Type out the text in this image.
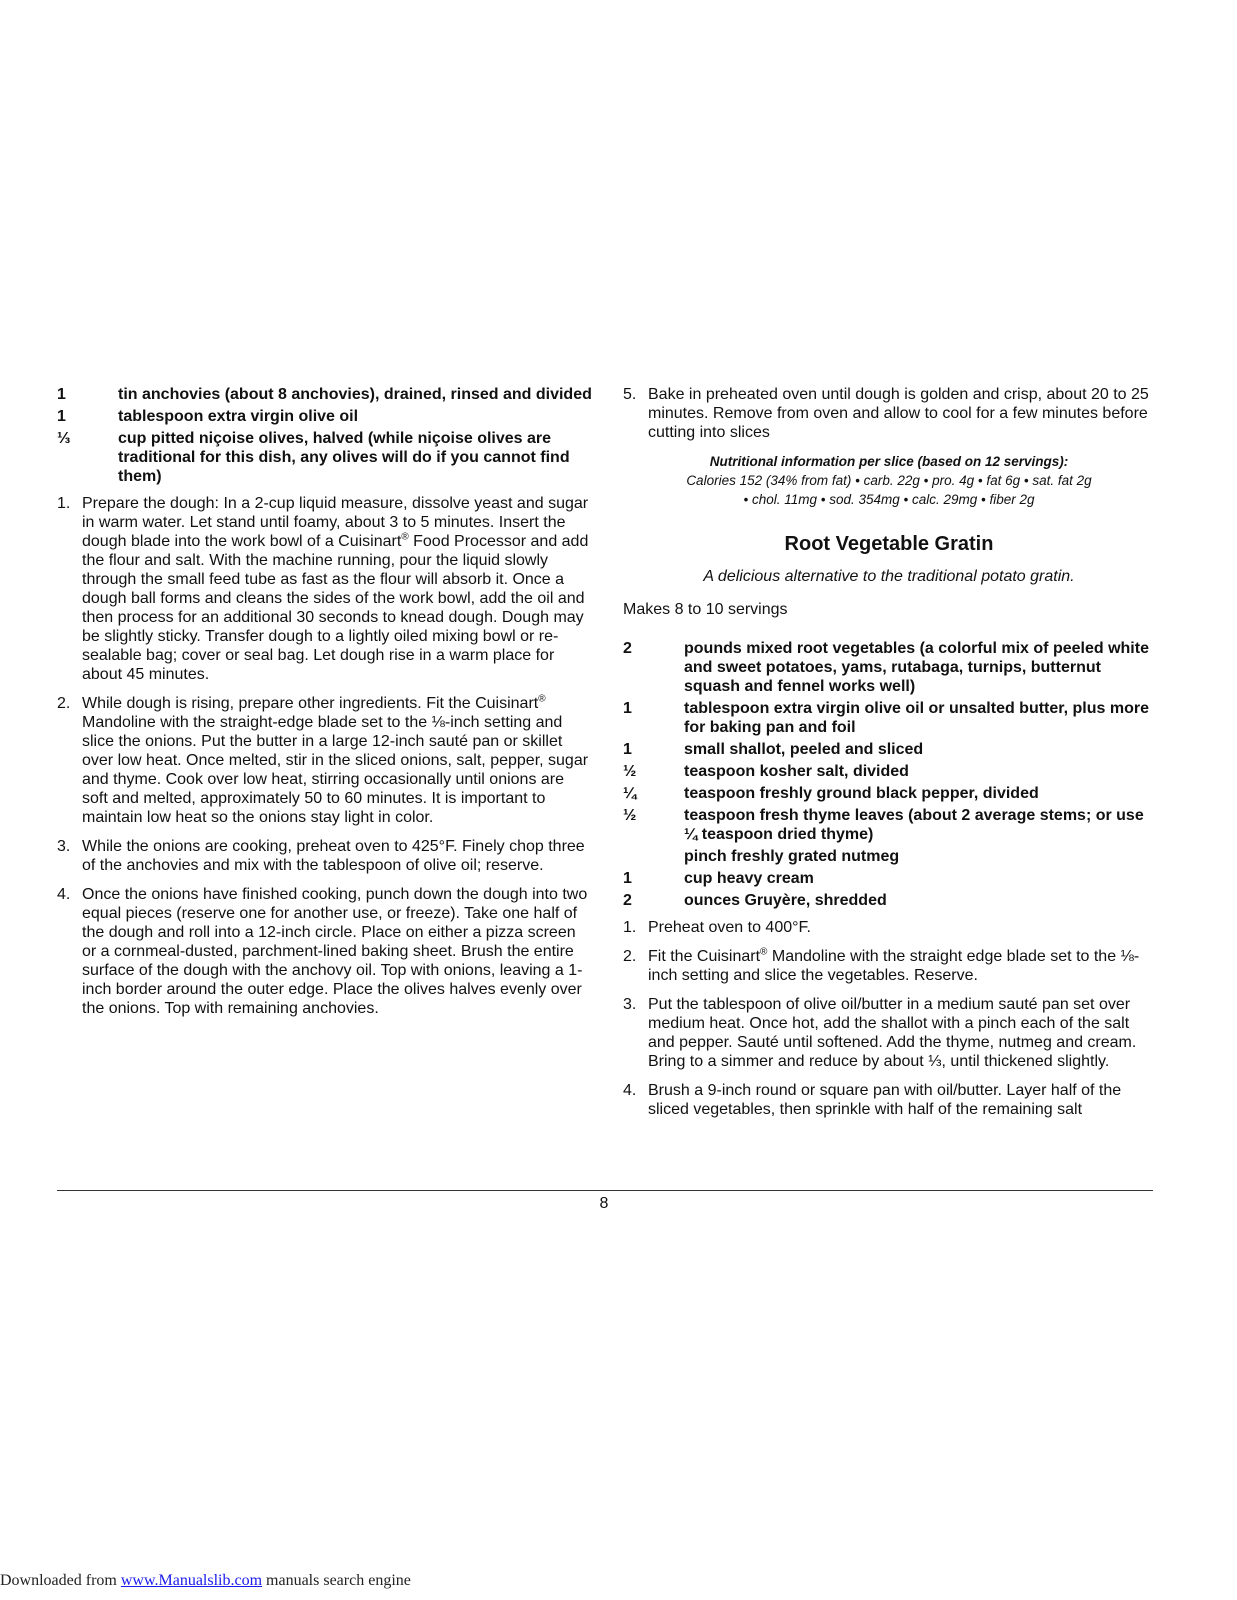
1	tin anchovies (about 8 anchovies), drained, rinsed and divided
1	tablespoon extra virgin olive oil
⅓	cup pitted niçoise olives, halved (while niçoise olives are traditional for this dish, any olives will do if you cannot find them)
1. Prepare the dough: In a 2-cup liquid measure, dissolve yeast and sugar in warm water. Let stand until foamy, about 3 to 5 minutes. Insert the dough blade into the work bowl of a Cuisinart® Food Processor and add the flour and salt. With the machine running, pour the liquid slowly through the small feed tube as fast as the flour will absorb it. Once a dough ball forms and cleans the sides of the work bowl, add the oil and then process for an additional 30 seconds to knead dough. Dough may be slightly sticky. Transfer dough to a lightly oiled mixing bowl or re-sealable bag; cover or seal bag. Let dough rise in a warm place for about 45 minutes.
2. While dough is rising, prepare other ingredients. Fit the Cuisinart® Mandoline with the straight-edge blade set to the ⅛-inch setting and slice the onions. Put the butter in a large 12-inch sauté pan or skillet over low heat. Once melted, stir in the sliced onions, salt, pepper, sugar and thyme. Cook over low heat, stirring occasionally until onions are soft and melted, approximately 50 to 60 minutes. It is important to maintain low heat so the onions stay light in color.
3. While the onions are cooking, preheat oven to 425°F. Finely chop three of the anchovies and mix with the tablespoon of olive oil; reserve.
4. Once the onions have finished cooking, punch down the dough into two equal pieces (reserve one for another use, or freeze). Take one half of the dough and roll into a 12-inch circle. Place on either a pizza screen or a cornmeal-dusted, parchment-lined baking sheet. Brush the entire surface of the dough with the anchovy oil. Top with onions, leaving a 1-inch border around the outer edge. Place the olives halves evenly over the onions. Top with remaining anchovies.
5. Bake in preheated oven until dough is golden and crisp, about 20 to 25 minutes. Remove from oven and allow to cool for a few minutes before cutting into slices
Nutritional information per slice (based on 12 servings):
Calories 152 (34% from fat) • carb. 22g • pro. 4g • fat 6g • sat. fat 2g
• chol. 11mg • sod. 354mg • calc. 29mg • fiber 2g
Root Vegetable Gratin
A delicious alternative to the traditional potato gratin.
Makes 8 to 10 servings
2	pounds mixed root vegetables (a colorful mix of peeled white and sweet potatoes, yams, rutabaga, turnips, butternut squash and fennel works well)
1	tablespoon extra virgin olive oil or unsalted butter, plus more for baking pan and foil
1	small shallot, peeled and sliced
½	teaspoon kosher salt, divided
¼	teaspoon freshly ground black pepper, divided
½	teaspoon fresh thyme leaves (about 2 average stems; or use ¼ teaspoon dried thyme)
pinch freshly grated nutmeg
1	cup heavy cream
2	ounces Gruyère, shredded
1. Preheat oven to 400°F.
2. Fit the Cuisinart® Mandoline with the straight edge blade set to the ⅛-inch setting and slice the vegetables. Reserve.
3. Put the tablespoon of olive oil/butter in a medium sauté pan set over medium heat. Once hot, add the shallot with a pinch each of the salt and pepper. Sauté until softened. Add the thyme, nutmeg and cream. Bring to a simmer and reduce by about ⅓, until thickened slightly.
4. Brush a 9-inch round or square pan with oil/butter. Layer half of the sliced vegetables, then sprinkle with half of the remaining salt
8
Downloaded from www.Manualslib.com manuals search engine
